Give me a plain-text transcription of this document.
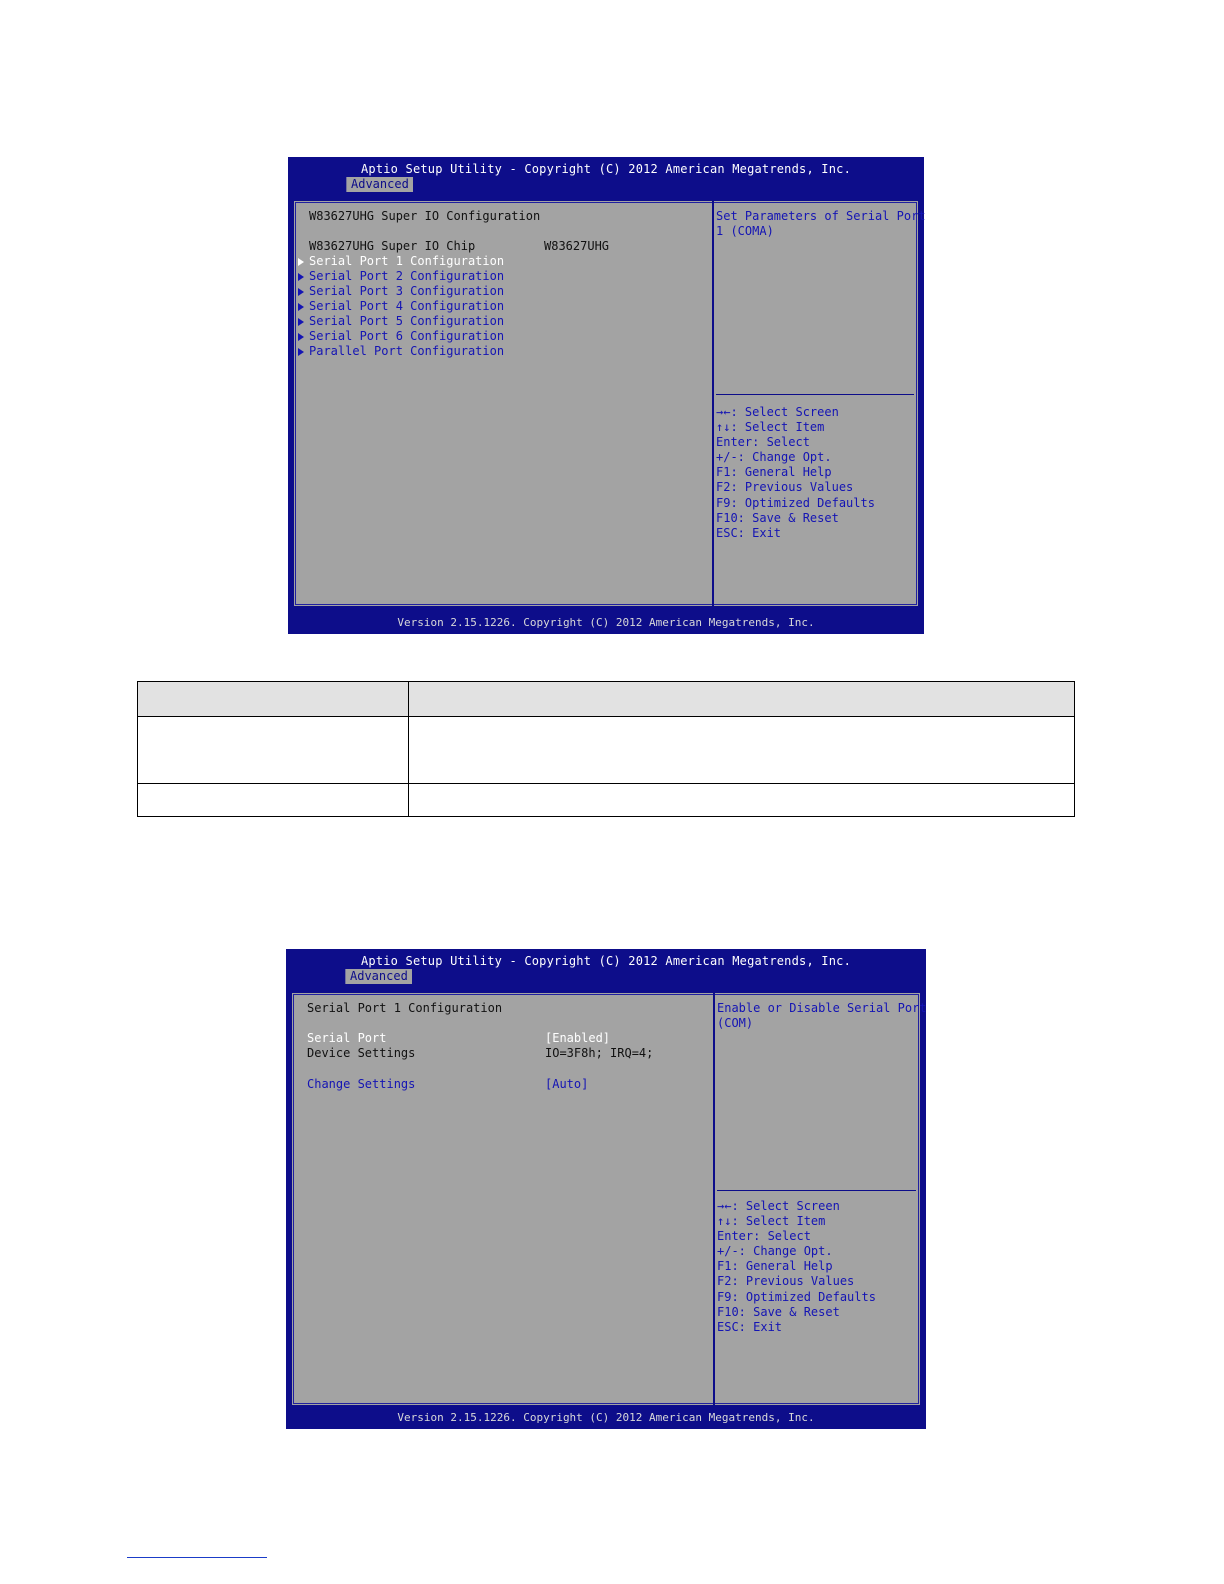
Aptio Setup Utility - Copyright (C) 2012 American Megatrends, Inc.
Advanced
W83627UHG Super IO Configuration
W83627UHG Super IO Chip	W83627UHG
Serial Port 1 Configuration
Serial Port 2 Configuration
Serial Port 3 Configuration
Serial Port 4 Configuration
Serial Port 5 Configuration
Serial Port 6 Configuration
Parallel Port Configuration
Set Parameters of Serial Port
1 (COMA)
→←: Select Screen
↑↓: Select Item
Enter: Select
+/-: Change Opt.
F1: General Help
F2: Previous Values
F9: Optimized Defaults
F10: Save & Reset
ESC: Exit
Version 2.15.1226. Copyright (C) 2012 American Megatrends, Inc.

Aptio Setup Utility - Copyright (C) 2012 American Megatrends, Inc.
Advanced
Serial Port 1 Configuration
Serial Port	[Enabled]
Device Settings	IO=3F8h; IRQ=4;
Change Settings	[Auto]
Enable or Disable Serial Port
(COM)
→←: Select Screen
↑↓: Select Item
Enter: Select
+/-: Change Opt.
F1: General Help
F2: Previous Values
F9: Optimized Defaults
F10: Save & Reset
ESC: Exit
Version 2.15.1226. Copyright (C) 2012 American Megatrends, Inc.
